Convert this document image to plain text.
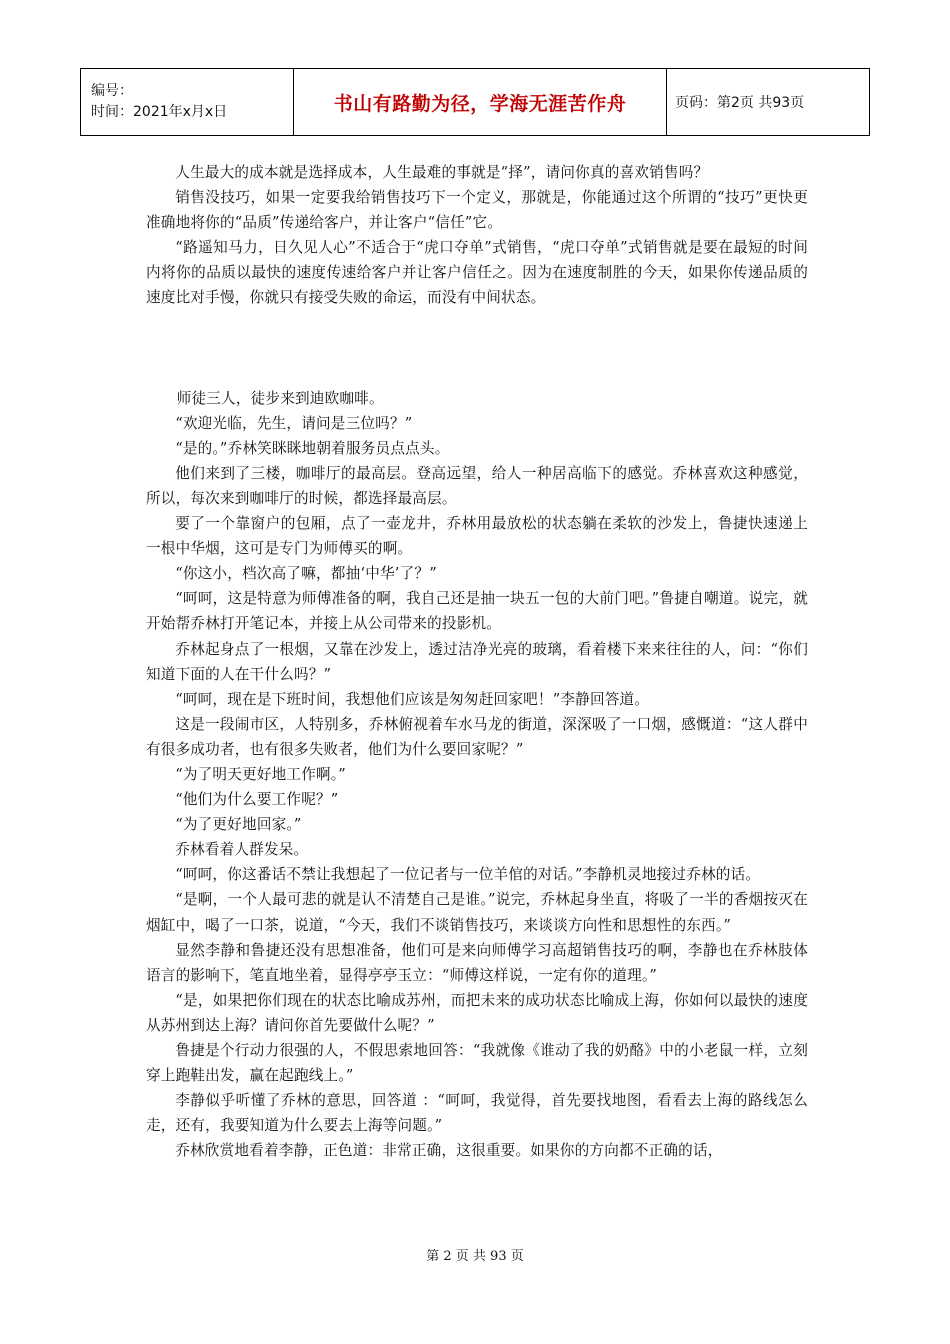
编号：
时间：2021年x月x日	书山有路勤为径，学海无涯苦作舟	页码：第2页 共93页

人生最大的成本就是选择成本，人生最难的事就是“择”，请问你真的喜欢销售吗？

销售没技巧，如果一定要我给销售技巧下一个定义，那就是，你能通过这个所谓的“技巧”更快更准确地将你的“品质”传递给客户，并让客户“信任”它。

“路遥知马力，日久见人心”不适合于“虎口夺单”式销售，“虎口夺单”式销售就是要在最短的时间内将你的品质以最快的速度传速给客户并让客户信任之。因为在速度制胜的今天，如果你传递品质的速度比对手慢，你就只有接受失败的命运，而没有中间状态。

师徒三人，徒步来到迪欧咖啡。

“欢迎光临，先生，请问是三位吗？”

“是的。”乔林笑眯眯地朝着服务员点点头。

他们来到了三楼，咖啡厅的最高层。登高远望，给人一种居高临下的感觉。乔林喜欢这种感觉，所以，每次来到咖啡厅的时候，都选择最高层。

要了一个靠窗户的包厢，点了一壶龙井，乔林用最放松的状态躺在柔软的沙发上，鲁捷快速递上一根中华烟，这可是专门为师傅买的啊。

“你这小，档次高了嘛，都抽‘中华’了？”

“呵呵，这是特意为师傅准备的啊，我自己还是抽一块五一包的大前门吧。”鲁捷自嘲道。说完，就开始帮乔林打开笔记本，并接上从公司带来的投影机。

乔林起身点了一根烟，又靠在沙发上，透过洁净光亮的玻璃，看着楼下来来往往的人，问：“你们知道下面的人在干什么吗？”

“呵呵，现在是下班时间，我想他们应该是匆匆赶回家吧！”李静回答道。

这是一段闹市区，人特别多，乔林俯视着车水马龙的街道，深深吸了一口烟，感慨道：“这人群中有很多成功者，也有很多失败者，他们为什么要回家呢？”

“为了明天更好地工作啊。”

“他们为什么要工作呢？”

“为了更好地回家。”

乔林看着人群发呆。

“呵呵，你这番话不禁让我想起了一位记者与一位羊倌的对话。”李静机灵地接过乔林的话。

“是啊，一个人最可悲的就是认不清楚自己是谁。”说完，乔林起身坐直，将吸了一半的香烟按灭在烟缸中，喝了一口茶，说道，“今天，我们不谈销售技巧，来谈谈方向性和思想性的东西。”

显然李静和鲁捷还没有思想准备，他们可是来向师傅学习高超销售技巧的啊，李静也在乔林肢体语言的影响下，笔直地坐着，显得亭亭玉立：“师傅这样说，一定有你的道理。”

“是，如果把你们现在的状态比喻成苏州，而把未来的成功状态比喻成上海，你如何以最快的速度从苏州到达上海？请问你首先要做什么呢？”

鲁捷是个行动力很强的人，不假思索地回答：“我就像《谁动了我的奶酪》中的小老鼠一样，立刻穿上跑鞋出发，赢在起跑线上。”

李静似乎听懂了乔林的意思，回答道 ：“呵呵，我觉得，首先要找地图，看看去上海的路线怎么走，还有，我要知道为什么要去上海等问题。”

乔林欣赏地看着李静，正色道：非常正确，这很重要。如果你的方向都不正确的话，

第 2 页 共 93 页
